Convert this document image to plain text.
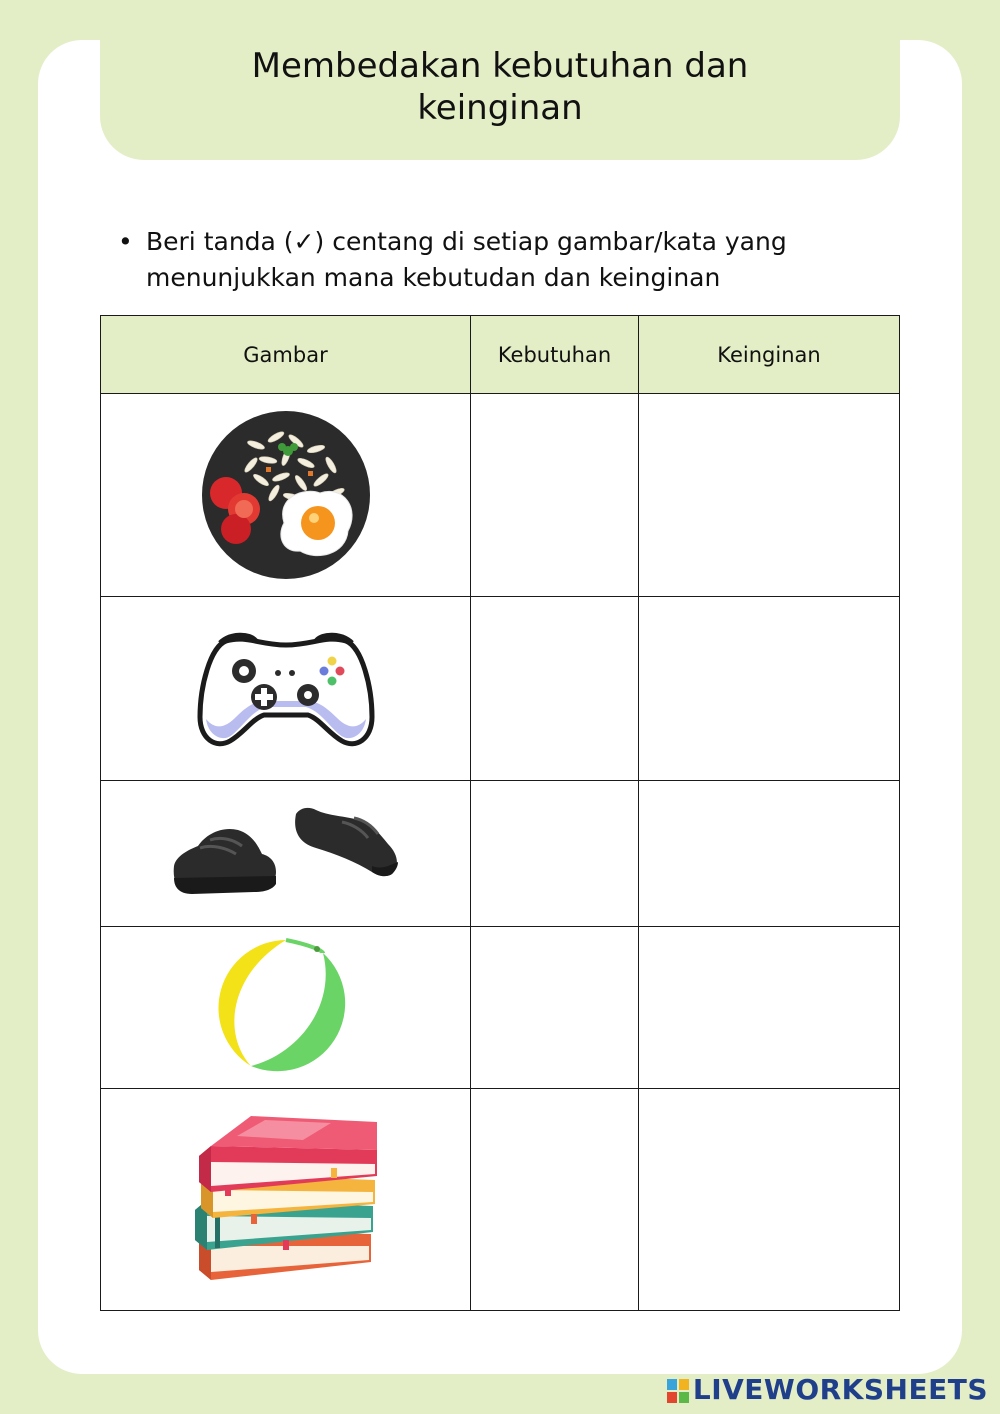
Membedakan kebutuhan dan
keinginan
• Beri tanda (✓) centang di setiap gambar/kata yang menunjukkan mana kebutudan dan keinginan
Gambar	Kebutuhan	Keinginan

LIVEWORKSHEETS
